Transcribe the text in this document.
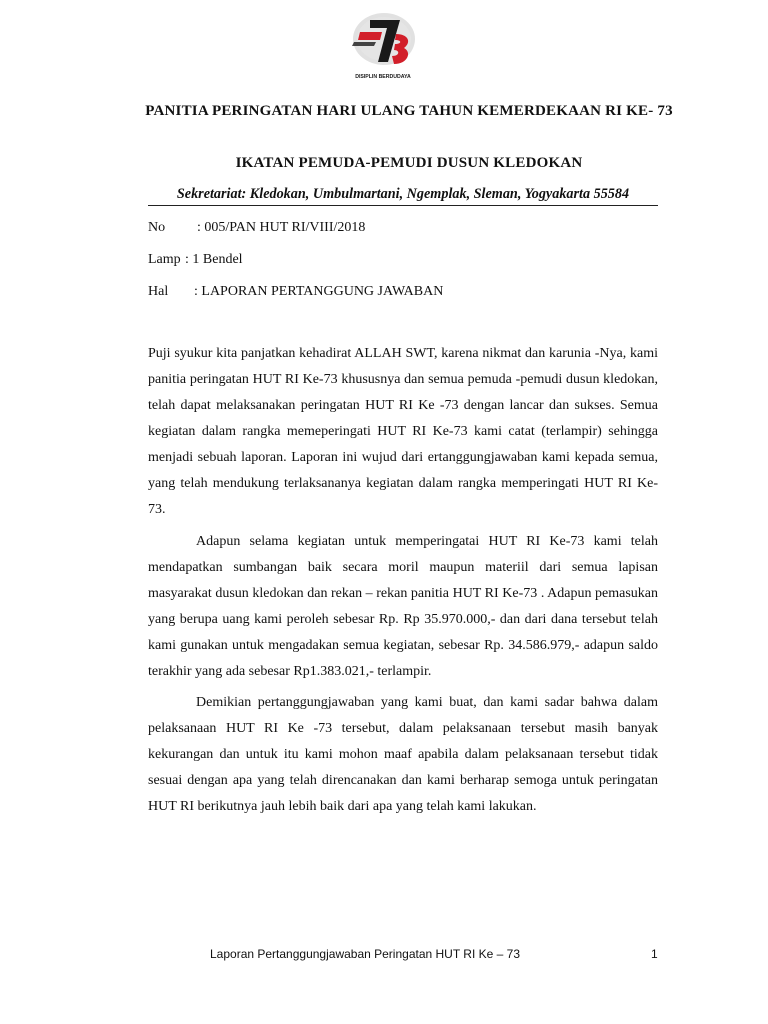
DISIPLIN BERDUDAYA
PANITIA PERINGATAN HARI ULANG TAHUN KEMERDEKAAN RI KE- 73
IKATAN PEMUDA-PEMUDI DUSUN KLEDOKAN
Sekretariat: Kledokan, Umbulmartani, Ngemplak, Sleman, Yogyakarta 55584
No : 005/PAN HUT RI/VIII/2018
Lamp : 1 Bendel
Hal : LAPORAN PERTANGGUNG JAWABAN
Puji syukur kita panjatkan kehadirat ALLAH SWT, karena nikmat dan karunia -Nya, kami panitia peringatan HUT RI Ke-73 khususnya dan semua pemuda -pemudi dusun kledokan, telah dapat melaksanakan peringatan HUT RI Ke -73 dengan lancar dan sukses. Semua kegiatan dalam rangka memeperingati HUT RI Ke-73 kami catat (terlampir) sehingga menjadi sebuah laporan. Laporan ini wujud dari ertanggungjawaban kami kepada semua, yang telah mendukung terlaksananya kegiatan dalam rangka memperingati HUT RI Ke-73.
Adapun selama kegiatan untuk memperingatai HUT RI Ke-73 kami telah mendapatkan sumbangan baik secara moril maupun materiil dari semua lapisan masyarakat dusun kledokan dan rekan – rekan panitia HUT RI Ke-73 . Adapun pemasukan yang berupa uang kami peroleh sebesar Rp. Rp 35.970.000,- dan dari dana tersebut telah kami gunakan untuk mengadakan semua kegiatan, sebesar Rp. 34.586.979,- adapun saldo terakhir yang ada sebesar Rp1.383.021,- terlampir.
Demikian pertanggungjawaban yang kami buat, dan kami sadar bahwa dalam pelaksanaan HUT RI Ke -73 tersebut, dalam pelaksanaan tersebut masih banyak kekurangan dan untuk itu kami mohon maaf apabila dalam pelaksanaan tersebut tidak sesuai dengan apa yang telah direncanakan dan kami berharap semoga untuk peringatan HUT RI berikutnya jauh lebih baik dari apa yang telah kami lakukan.
Laporan Pertanggungjawaban Peringatan HUT RI Ke – 73	1
